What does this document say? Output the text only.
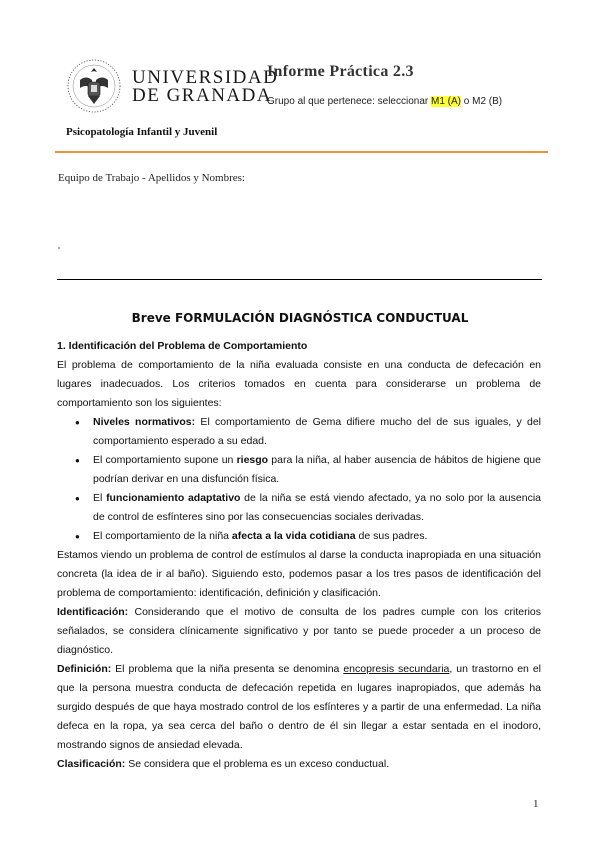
UNIVERSIDAD
DE GRANADA
Informe Práctica 2.3
Grupo al que pertenece: seleccionar M1 (A) o M2 (B)
Psicopatología Infantil y Juvenil
Equipo de Trabajo - Apellidos y Nombres:
Breve FORMULACIÓN DIAGNÓSTICA CONDUCTUAL

1. Identificación del Problema de Comportamiento

El problema de comportamiento de la niña evaluada consiste en una conducta de defecación en lugares inadecuados. Los criterios tomados en cuenta para considerarse un problema de comportamiento son los siguientes:

● Niveles normativos: El comportamiento de Gema difiere mucho del de sus iguales, y del comportamiento esperado a su edad.
● El comportamiento supone un riesgo para la niña, al haber ausencia de hábitos de higiene que podrían derivar en una disfunción física.
● El funcionamiento adaptativo de la niña se está viendo afectado, ya no solo por la ausencia de control de esfínteres sino por las consecuencias sociales derivadas.
● El comportamiento de la niña afecta a la vida cotidiana de sus padres.

Estamos viendo un problema de control de estímulos al darse la conducta inapropiada en una situación concreta (la idea de ir al baño). Siguiendo esto, podemos pasar a los tres pasos de identificación del problema de comportamiento: identificación, definición y clasificación.

Identificación: Considerando que el motivo de consulta de los padres cumple con los criterios señalados, se considera clínicamente significativo y por tanto se puede proceder a un proceso de diagnóstico.

Definición: El problema que la niña presenta se denomina encopresis secundaria, un trastorno en el que la persona muestra conducta de defecación repetida en lugares inapropiados, que además ha surgido después de que haya mostrado control de los esfínteres y a partir de una enfermedad. La niña defeca en la ropa, ya sea cerca del baño o dentro de él sin llegar a estar sentada en el inodoro, mostrando signos de ansiedad elevada.

Clasificación: Se considera que el problema es un exceso conductual.

1
